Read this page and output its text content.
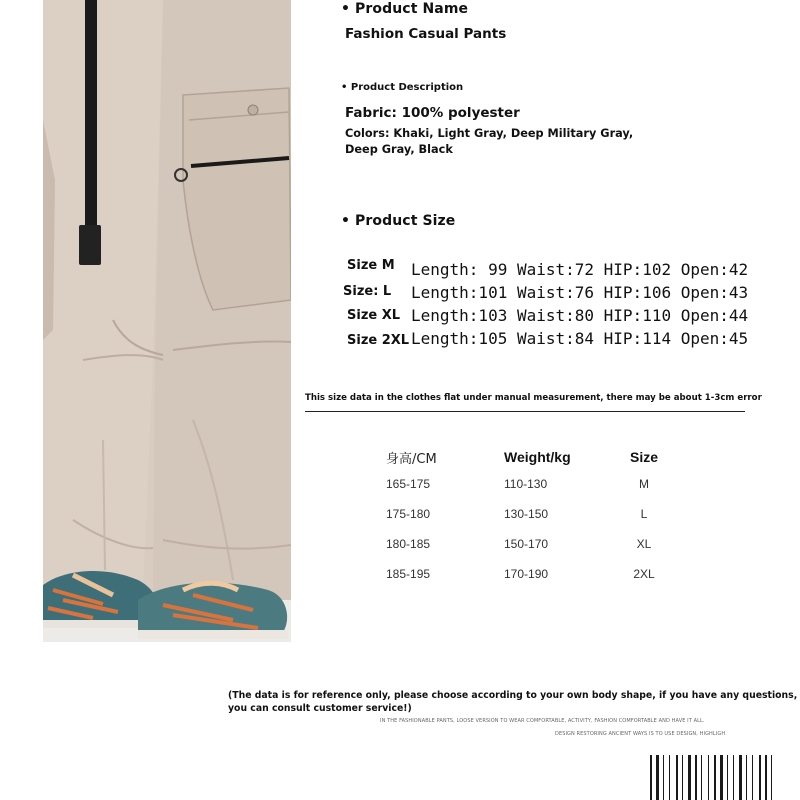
• Product Name
Fashion Casual Pants
• Product Description
Fabric: 100% polyester
Colors: Khaki, Light Gray, Deep Military Gray,
Deep Gray, Black
• Product Size
Size M Length: 99 Waist:72 HIP:102 Open:42
Size: L Length:101 Waist:76 HIP:106 Open:43
Size XL Length:103 Waist:80 HIP:110 Open:44
Size 2XL Length:105 Waist:84 HIP:114 Open:45
This size data in the clothes flat under manual measurement, there may be about 1-3cm error
身高/CM	Weight/kg	Size
165-175	110-130	M
175-180	130-150	L
180-185	150-170	XL
185-195	170-190	2XL
(The data is for reference only, please choose according to your own body shape, if you have any questions,
you can consult customer service!)
IN THE FASHIONABLE PANTS, LOOSE VERSION TO WEAR COMFORTABLE, ACTIVITY, FASHION COMFORTABLE AND HAVE IT ALL.
DESIGN RESTORING ANCIENT WAYS IS TO USE DESIGN, HIGHLIGH
